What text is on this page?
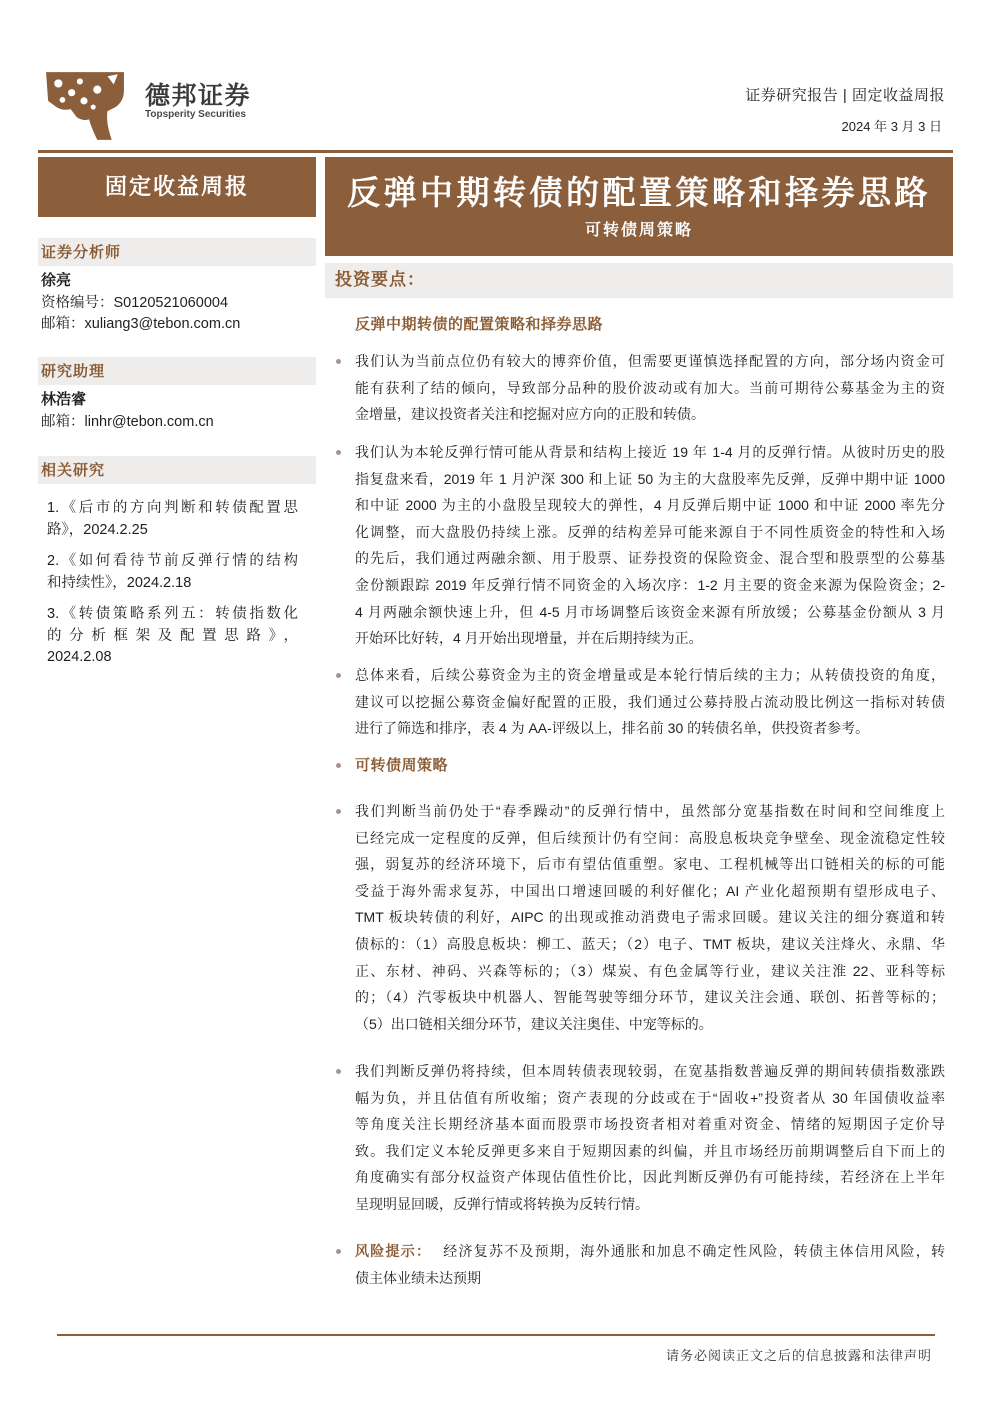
德邦证券
Topsperity Securities
证券研究报告 | 固定收益周报
2024 年 3 月 3 日
固定收益周报	反弹中期转债的配置策略和择券思路
可转债周策略
证券分析师
徐亮
资格编号：S0120521060004
邮箱：xuliang3@tebon.com.cn
研究助理
林浩睿
邮箱：linhr@tebon.com.cn
相关研究
1.《后市的方向判断和转债配置思
路》，2024.2.25
2.《如何看待节前反弹行情的结构
和持续性》，2024.2.18
3.《转债策略系列五：转债指数化
的分析框架及配置思路》，
2024.2.08
投资要点：
反弹中期转债的配置策略和择券思路
我们认为当前点位仍有较大的博弈价值，但需要更谨慎选择配置的方向，部分场内资金可
能有获利了结的倾向，导致部分品种的股价波动或有加大。当前可期待公募基金为主的资
金增量，建议投资者关注和挖掘对应方向的正股和转债。
我们认为本轮反弹行情可能从背景和结构上接近 19 年 1-4 月的反弹行情。从彼时历史的股
指复盘来看，2019 年 1 月沪深 300 和上证 50 为主的大盘股率先反弹，反弹中期中证 1000
和中证 2000 为主的小盘股呈现较大的弹性，4 月反弹后期中证 1000 和中证 2000 率先分
化调整，而大盘股仍持续上涨。反弹的结构差异可能来源自于不同性质资金的特性和入场
的先后，我们通过两融余额、用于股票、证券投资的保险资金、混合型和股票型的公募基
金份额跟踪 2019 年反弹行情不同资金的入场次序：1-2 月主要的资金来源为保险资金；2-
4 月两融余额快速上升，但 4-5 月市场调整后该资金来源有所放缓；公募基金份额从 3 月
开始环比好转，4 月开始出现增量，并在后期持续为正。
总体来看，后续公募资金为主的资金增量或是本轮行情后续的主力；从转债投资的角度，
建议可以挖掘公募资金偏好配置的正股，我们通过公募持股占流动股比例这一指标对转债
进行了筛选和排序，表 4 为 AA-评级以上，排名前 30 的转债名单，供投资者参考。
可转债周策略
我们判断当前仍处于“春季躁动”的反弹行情中，虽然部分宽基指数在时间和空间维度上
已经完成一定程度的反弹，但后续预计仍有空间：高股息板块竞争壁垒、现金流稳定性较
强，弱复苏的经济环境下，后市有望估值重塑。家电、工程机械等出口链相关的标的可能
受益于海外需求复苏，中国出口增速回暖的利好催化；AI 产业化超预期有望形成电子、
TMT 板块转债的利好，AIPC 的出现或推动消费电子需求回暖。建议关注的细分赛道和转
债标的：（1）高股息板块：柳工、蓝天；（2）电子、TMT 板块，建议关注烽火、永鼎、华
正、东材、神码、兴森等标的；（3）煤炭、有色金属等行业，建议关注淮 22、亚科等标
的；（4）汽零板块中机器人、智能驾驶等细分环节，建议关注会通、联创、拓普等标的；
（5）出口链相关细分环节，建议关注奥佳、中宠等标的。
我们判断反弹仍将持续，但本周转债表现较弱，在宽基指数普遍反弹的期间转债指数涨跌
幅为负，并且估值有所收缩；资产表现的分歧或在于“固收+”投资者从 30 年国债收益率
等角度关注长期经济基本面而股票市场投资者相对着重对资金、情绪的短期因子定价导
致。我们定义本轮反弹更多来自于短期因素的纠偏，并且市场经历前期调整后自下而上的
角度确实有部分权益资产体现估值性价比，因此判断反弹仍有可能持续，若经济在上半年
呈现明显回暖，反弹行情或将转换为反转行情。
风险提示： 经济复苏不及预期，海外通胀和加息不确定性风险，转债主体信用风险，转
债主体业绩未达预期
请务必阅读正文之后的信息披露和法律声明
